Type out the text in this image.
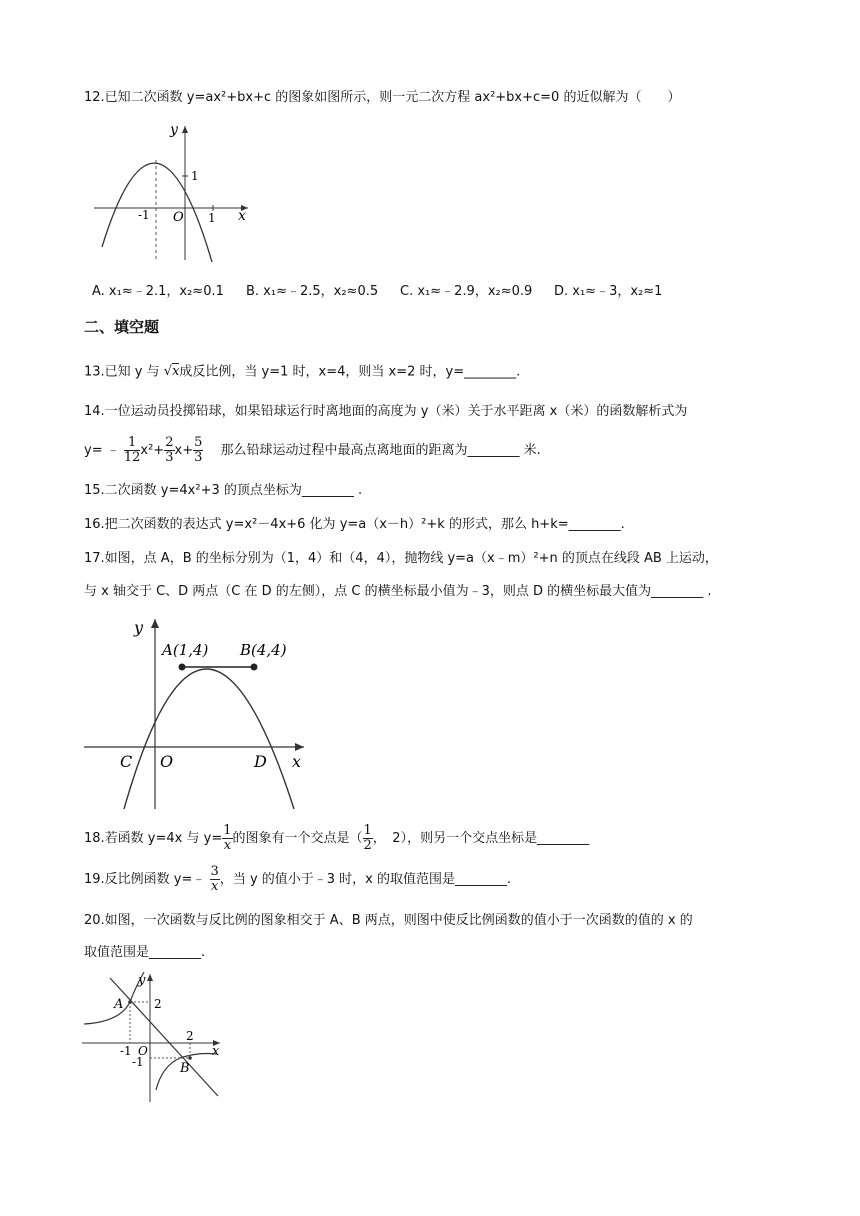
12.已知二次函数 y=ax²+bx+c 的图象如图所示，则一元二次方程 ax²+bx+c=0 的近似解为（　　）
y
x
O
1
-1	1
A. x₁≈﹣2.1，x₂≈0.1 B. x₁≈﹣2.5，x₂≈0.5 C. x₁≈﹣2.9，x₂≈0.9 D. x₁≈﹣3，x₂≈1
二、填空题
13.已知 y 与 √x成反比例，当 y=1 时，x=4，则当 x=2 时，y=________.
14.一位运动员投掷铅球，如果铅球运行时离地面的高度为 y（米）关于水平距离 x（米）的函数解析式为
y= ﹣ $\frac{1}{12} x^2+ \frac{2}{3} x+ \frac{5}{3}$ 　那么铅球运动过程中最高点离地面的距离为________ 米.
15.二次函数 y=4x²+3 的顶点坐标为________ .
16.把二次函数的表达式 y=x²－4x+6 化为 y=a（x－h）²+k 的形式，那么 h+k=________.
17.如图，点 A，B 的坐标分别为（1，4）和（4，4），抛物线 y=a（x﹣m）²+n 的顶点在线段 AB 上运动，
与 x 轴交于 C、D 两点（C 在 D 的左侧），点 C 的横坐标最小值为﹣3，则点 D 的横坐标最大值为________ .
y
x
A(1,4) B(4,4)
C O	D
18.若函数 y=4x 与 $y= \frac{1}{x}$ 的图象有一个交点是（ $\frac{1}{2}$ ，　2），则另一个交点坐标是________
19.反比例函数 y=﹣ $\frac{3}{x}$ ，当 y 的值小于﹣3 时，x 的取值范围是________.
20.如图，一次函数与反比例的图象相交于 A、B 两点，则图中使反比例函数的值小于一次函数的值的 x 的
取值范围是________.
y
x
A	2
2
-1 O
-1	B
